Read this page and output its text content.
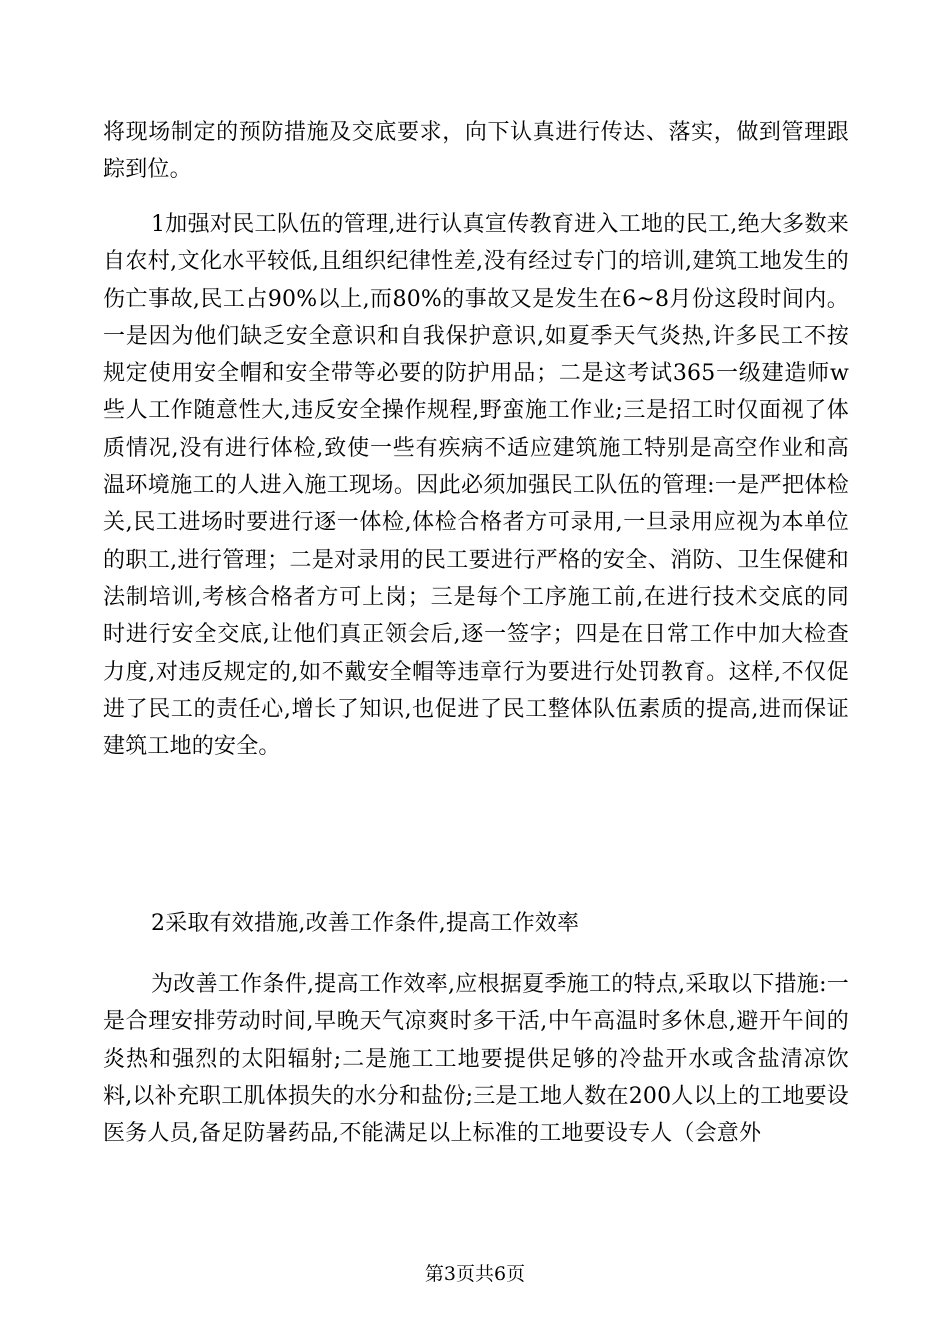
将现场制定的预防措施及交底要求，向下认真进行传达、落实，做到管理跟踪到位。

1加强对民工队伍的管理,进行认真宣传教育进入工地的民工,绝大多数来自农村,文化水平较低,且组织纪律性差,没有经过专门的培训,建筑工地发生的伤亡事故,民工占90%以上,而80%的事故又是发生在6~8月份这段时间内。一是因为他们缺乏安全意识和自我保护意识,如夏季天气炎热,许多民工不按规定使用安全帽和安全带等必要的防护用品；二是这考试365一级建造师w些人工作随意性大,违反安全操作规程,野蛮施工作业;三是招工时仅面视了体质情况,没有进行体检,致使一些有疾病不适应建筑施工特别是高空作业和高温环境施工的人进入施工现场。因此必须加强民工队伍的管理:一是严把体检关,民工进场时要进行逐一体检,体检合格者方可录用,一旦录用应视为本单位的职工,进行管理；二是对录用的民工要进行严格的安全、消防、卫生保健和法制培训,考核合格者方可上岗；三是每个工序施工前,在进行技术交底的同时进行安全交底,让他们真正领会后,逐一签字；四是在日常工作中加大检查力度,对违反规定的,如不戴安全帽等违章行为要进行处罚教育。这样,不仅促进了民工的责任心,增长了知识,也促进了民工整体队伍素质的提高,进而保证建筑工地的安全。

2采取有效措施,改善工作条件,提高工作效率

为改善工作条件,提高工作效率,应根据夏季施工的特点,采取以下措施:一是合理安排劳动时间,早晚天气凉爽时多干活,中午高温时多休息,避开午间的炎热和强烈的太阳辐射;二是施工工地要提供足够的冷盐开水或含盐清凉饮料,以补充职工肌体损失的水分和盐份;三是工地人数在200人以上的工地要设医务人员,备足防暑药品,不能满足以上标准的工地要设专人（会意外

第3页共6页
